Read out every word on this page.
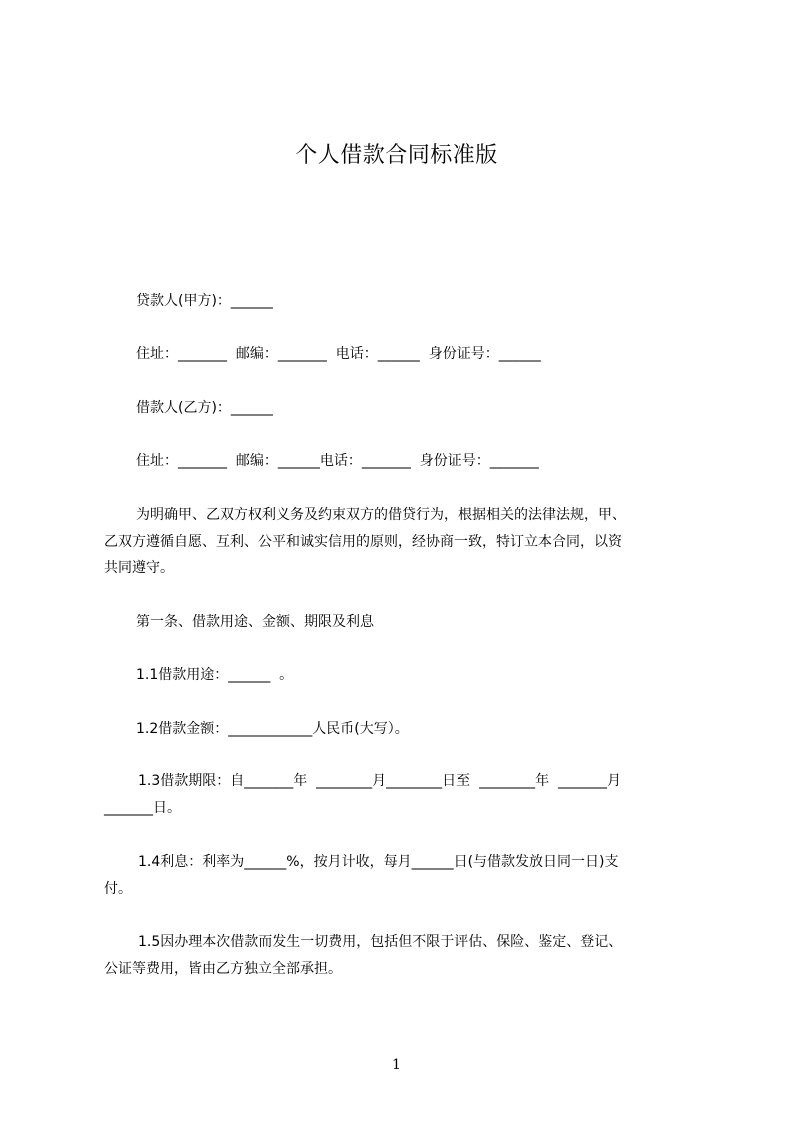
个人借款合同标准版
贷款人(甲方)：______
住址：_______  邮编：_______  电话：______  身份证号：______
借款人(乙方)：______
住址：_______  邮编：______电话：_______  身份证号：_______
为明确甲、乙双方权利义务及约束双方的借贷行为，根据相关的法律法规，甲、
乙双方遵循自愿、互利、公平和诚实信用的原则，经协商一致，特订立本合同，以资
共同遵守。
第一条、借款用途、金额、期限及利息
1.1借款用途：______  。
1.2借款金额：____________人民币(大写）。
1.3借款期限：自_______年  ________月________日至  ________年  _______月
_______日。
1.4利息：利率为______%，按月计收，每月______日(与借款发放日同一日)支
付。
1.5因办理本次借款而发生一切费用，包括但不限于评估、保险、鉴定、登记、
公证等费用，皆由乙方独立全部承担。
1
